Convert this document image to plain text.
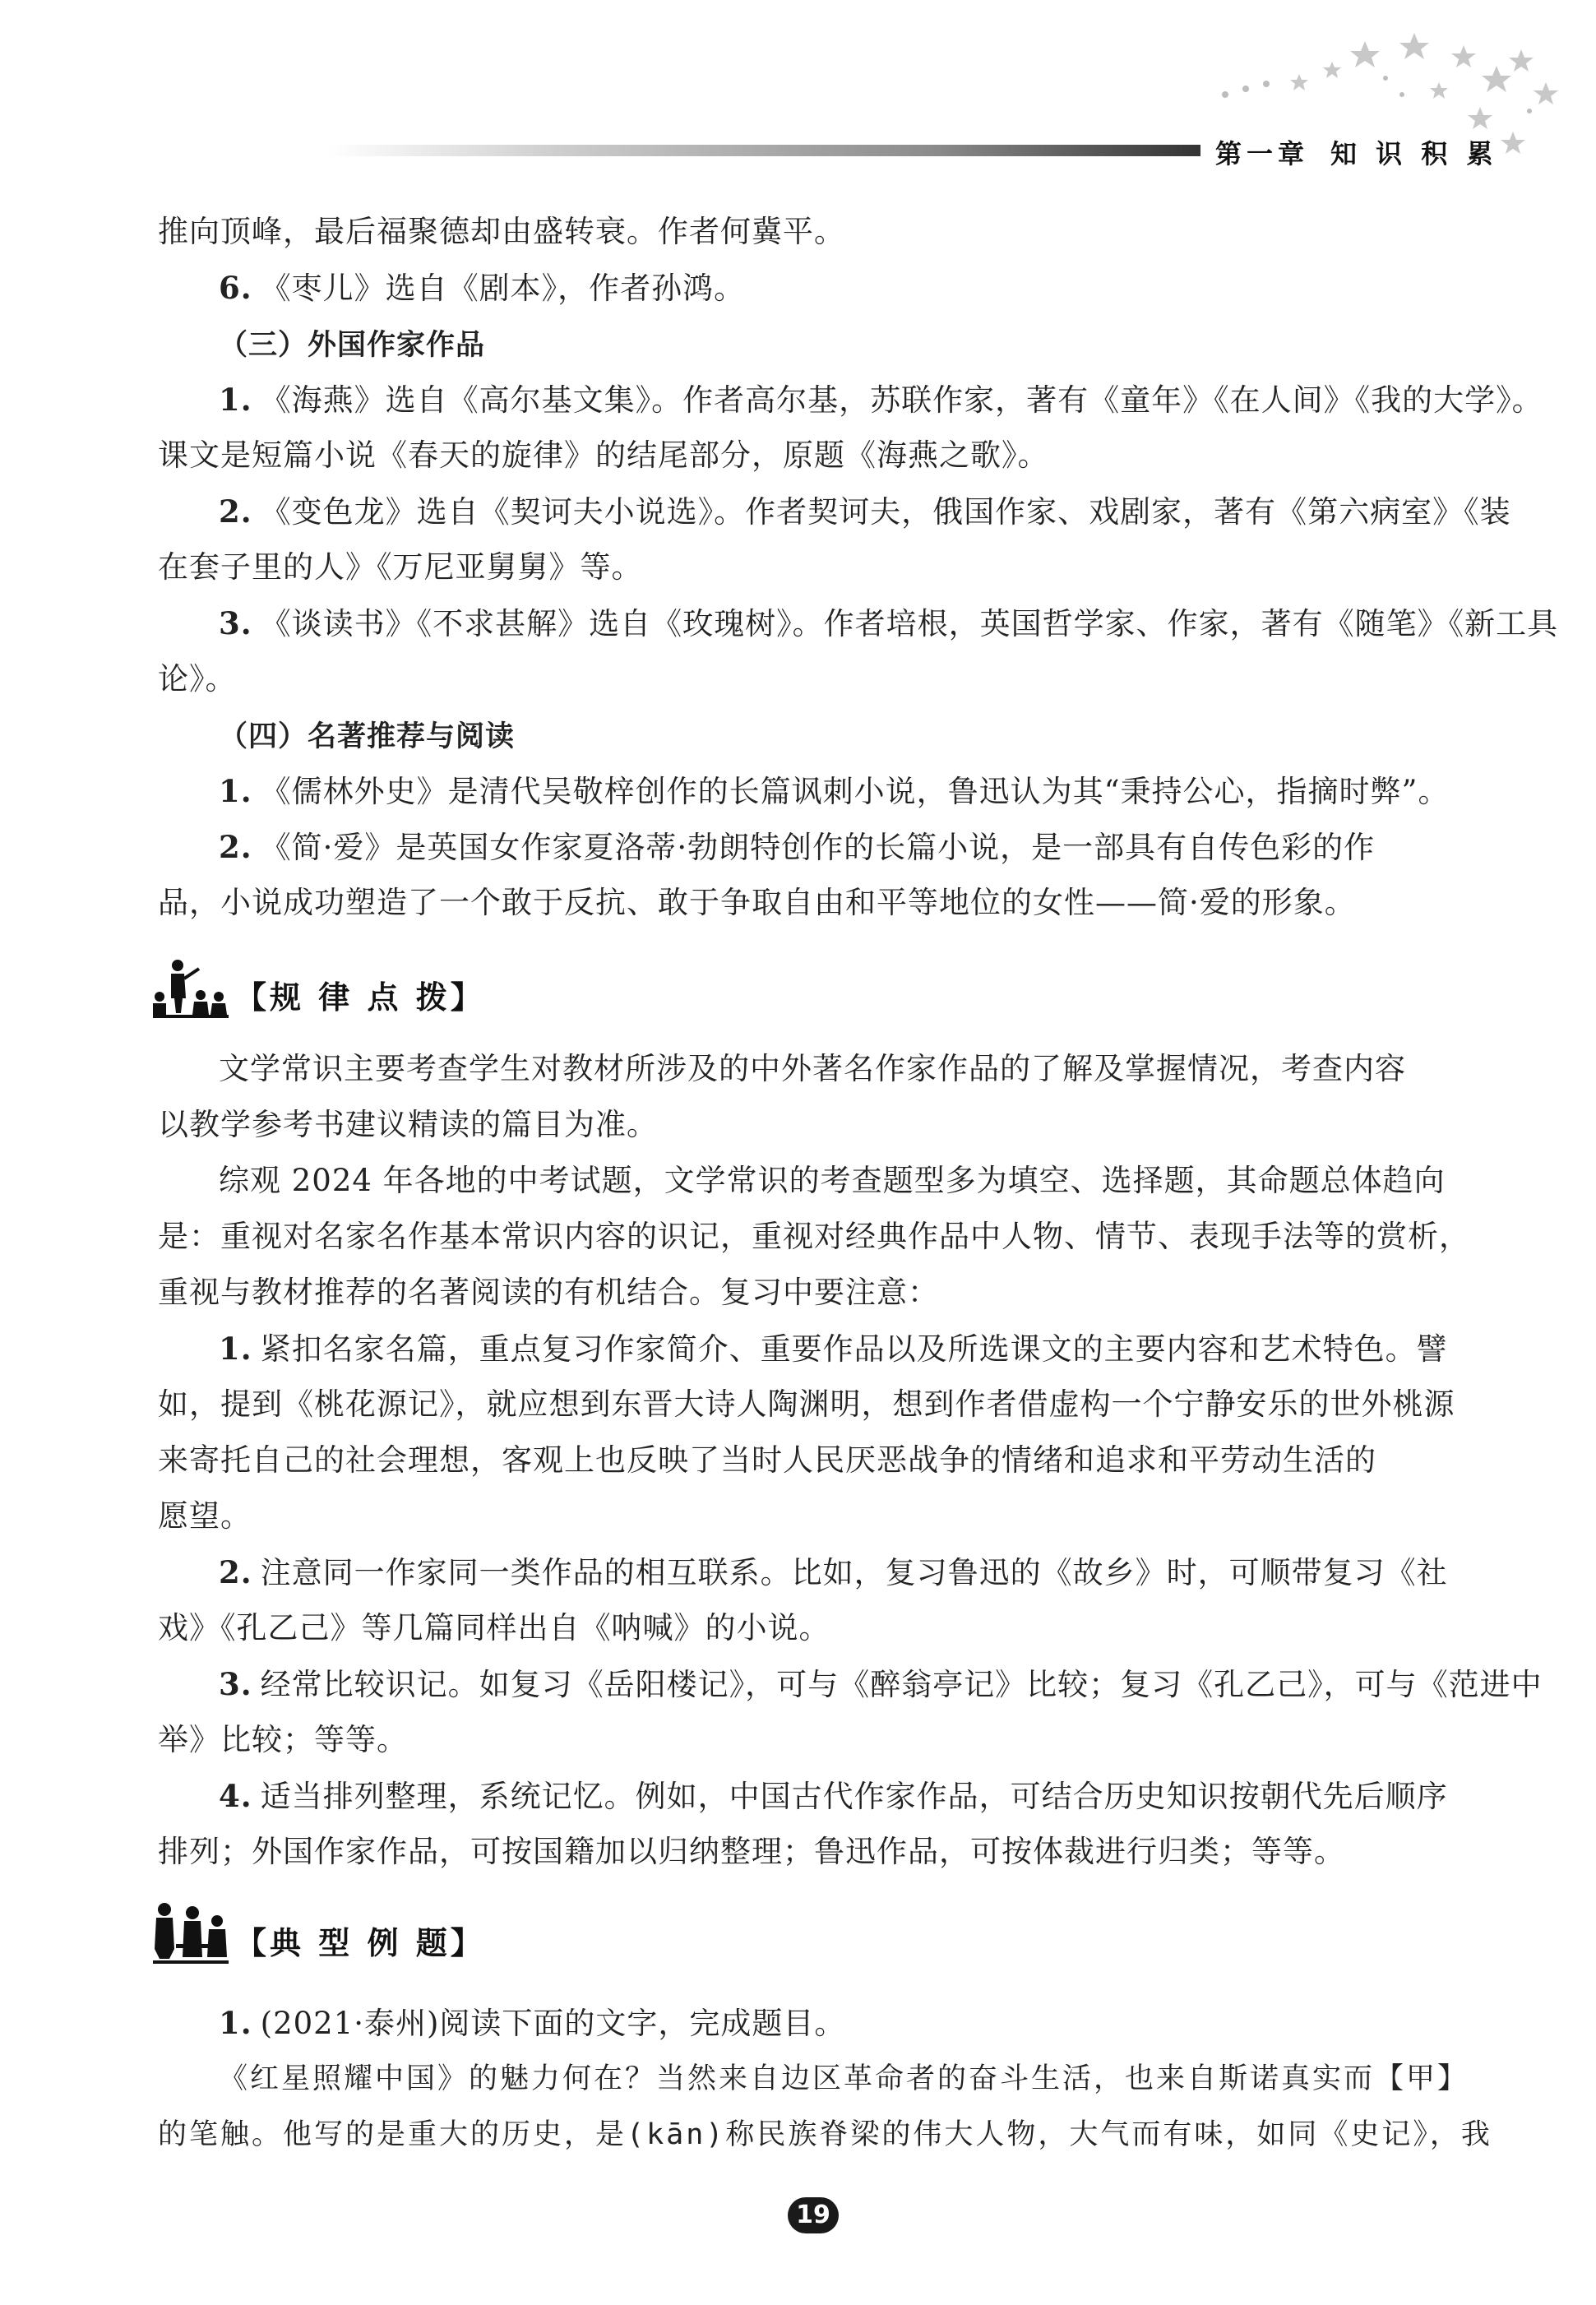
第一章 知 识 积 累
推向顶峰，最后福聚德却由盛转衰。作者何冀平。
6. 《枣儿》选自《剧本》，作者孙鸿。
（三）外国作家作品
1. 《海燕》选自《高尔基文集》。作者高尔基，苏联作家，著有《童年》《在人间》《我的大学》。
课文是短篇小说《春天的旋律》的结尾部分，原题《海燕之歌》。
2. 《变色龙》选自《契诃夫小说选》。作者契诃夫，俄国作家、戏剧家，著有《第六病室》《装
在套子里的人》《万尼亚舅舅》等。
3. 《谈读书》《不求甚解》选自《玫瑰树》。作者培根，英国哲学家、作家，著有《随笔》《新工具
论》。
（四）名著推荐与阅读
1. 《儒林外史》是清代吴敬梓创作的长篇讽刺小说，鲁迅认为其“秉持公心，指摘时弊”。
2. 《简·爱》是英国女作家夏洛蒂·勃朗特创作的长篇小说，是一部具有自传色彩的作
品，小说成功塑造了一个敢于反抗、敢于争取自由和平等地位的女性——简·爱的形象。
【规 律 点 拨】
文学常识主要考查学生对教材所涉及的中外著名作家作品的了解及掌握情况，考查内容
以教学参考书建议精读的篇目为准。
综观 2024 年各地的中考试题，文学常识的考查题型多为填空、选择题，其命题总体趋向
是：重视对名家名作基本常识内容的识记，重视对经典作品中人物、情节、表现手法等的赏析，
重视与教材推荐的名著阅读的有机结合。复习中要注意：
1. 紧扣名家名篇，重点复习作家简介、重要作品以及所选课文的主要内容和艺术特色。譬
如，提到《桃花源记》，就应想到东晋大诗人陶渊明，想到作者借虚构一个宁静安乐的世外桃源
来寄托自己的社会理想，客观上也反映了当时人民厌恶战争的情绪和追求和平劳动生活的
愿望。
2. 注意同一作家同一类作品的相互联系。比如，复习鲁迅的《故乡》时，可顺带复习《社
戏》《孔乙己》等几篇同样出自《呐喊》的小说。
3. 经常比较识记。如复习《岳阳楼记》，可与《醉翁亭记》比较；复习《孔乙己》，可与《范进中
举》比较；等等。
4. 适当排列整理，系统记忆。例如，中国古代作家作品，可结合历史知识按朝代先后顺序
排列；外国作家作品，可按国籍加以归纳整理；鲁迅作品，可按体裁进行归类；等等。
【典 型 例 题】
1. (2021·泰州)阅读下面的文字，完成题目。
《红星照耀中国》的魅力何在？当然来自边区革命者的奋斗生活，也来自斯诺真实而【甲】
的笔触。他写的是重大的历史，是(kān)称民族脊梁的伟大人物，大气而有味，如同《史记》，我
19
